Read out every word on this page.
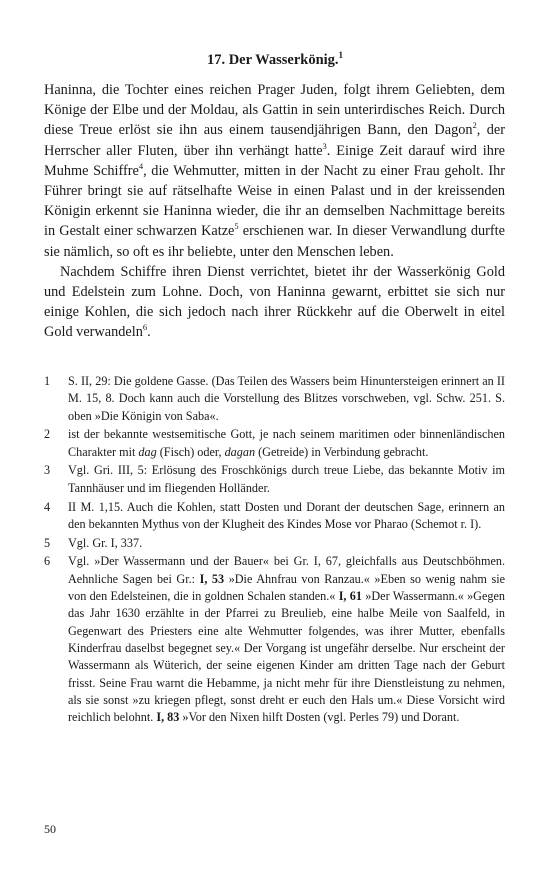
17. Der Wasserkönig.$^1$

Haninna, die Tochter eines reichen Prager Juden, folgt ihrem Geliebten, dem Könige der Elbe und der Moldau, als Gattin in sein unterirdisches Reich. Durch diese Treue erlöst sie ihn aus einem tausendjährigen Bann, den Dagon$^2$, der Herrscher aller Fluten, über ihn verhängt hatte$^3$. Einige Zeit darauf wird ihre Muhme Schiffre$^4$, die Wehmutter, mitten in der Nacht zu einer Frau geholt. Ihr Führer bringt sie auf rätselhafte Weise in einen Palast und in der kreissenden Königin erkennt sie Haninna wieder, die ihr an demselben Nachmittage bereits in Gestalt einer schwarzen Katze$^5$ erschienen war. In dieser Verwandlung durfte sie nämlich, so oft es ihr beliebte, unter den Menschen leben.

Nachdem Schiffre ihren Dienst verrichtet, bietet ihr der Wasserkönig Gold und Edelstein zum Lohne. Doch, von Haninna gewarnt, erbittet sie sich nur einige Kohlen, die sich jedoch nach ihrer Rückkehr auf die Oberwelt in eitel Gold verwandeln$^6$.

1	S. II, 29: Die goldene Gasse. (Das Teilen des Wassers beim Hinuntersteigen erinnert an II M. 15, 8. Doch kann auch die Vorstellung des Blitzes vorschweben, vgl. Schw. 251. S. oben »Die Königin von Saba«.
2	ist der bekannte westsemitische Gott, je nach seinem maritimen oder binnenländischen Charakter mit dag (Fisch) oder, dagan (Getreide) in Verbindung gebracht.
3	Vgl. Gri. III, 5: Erlösung des Froschkönigs durch treue Liebe, das bekannte Motiv im Tannhäuser und im fliegenden Holländer.
4	II M. 1,15. Auch die Kohlen, statt Dosten und Dorant der deutschen Sage, erinnern an den bekannten Mythus von der Klugheit des Kindes Mose vor Pharao (Schemot r. I).
5	Vgl. Gr. I, 337.
6	Vgl. »Der Wassermann und der Bauer« bei Gr. I, 67, gleichfalls aus Deutschböhmen. Aehnliche Sagen bei Gr.: I, 53 »Die Ahnfrau von Ranzau.« »Eben so wenig nahm sie von den Edelsteinen, die in goldnen Schalen standen.« I, 61 »Der Wassermann.« »Gegen das Jahr 1630 erzählte in der Pfarrei zu Breulieb, eine halbe Meile von Saalfeld, in Gegenwart des Priesters eine alte Wehmutter folgendes, was ihrer Mutter, ebenfalls Kinderfrau daselbst begegnet sey.« Der Vorgang ist ungefähr derselbe. Nur erscheint der Wassermann als Wüterich, der seine eigenen Kinder am dritten Tage nach der Geburt frisst. Seine Frau warnt die Hebamme, ja nicht mehr für ihre Dienstleistung zu nehmen, als sie sonst »zu kriegen pflegt, sonst dreht er euch den Hals um.« Diese Vorsicht wird reichlich belohnt. I, 83 »Vor den Nixen hilft Dosten (vgl. Perles 79) und Dorant.
50
